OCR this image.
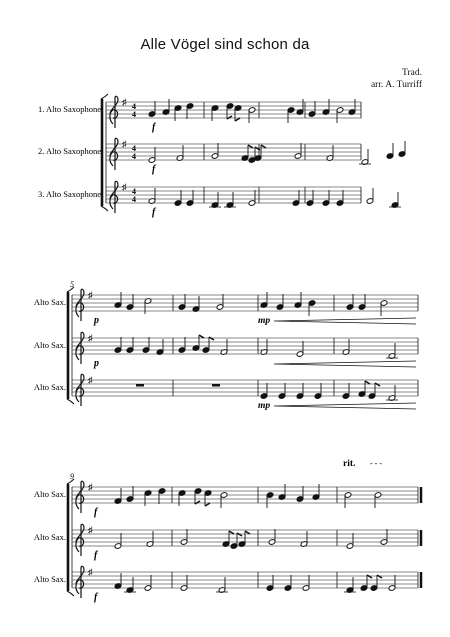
Alle Vögel sind schon da
Trad.
arr. A. Turriff
♯ 4
4
1. Alto Saxophone
♯ 4
4
2. Alto Saxophone
♯ 4
4
3. Alto Saxophone
f
f
f
5
♯
Alto Sax.
♯
Alto Sax.
♯
Alto Sax.
p
p
mp
mp
9
rit. - - -
♯
Alto Sax.
♯
Alto Sax.
♯
Alto Sax.
f
f
f
